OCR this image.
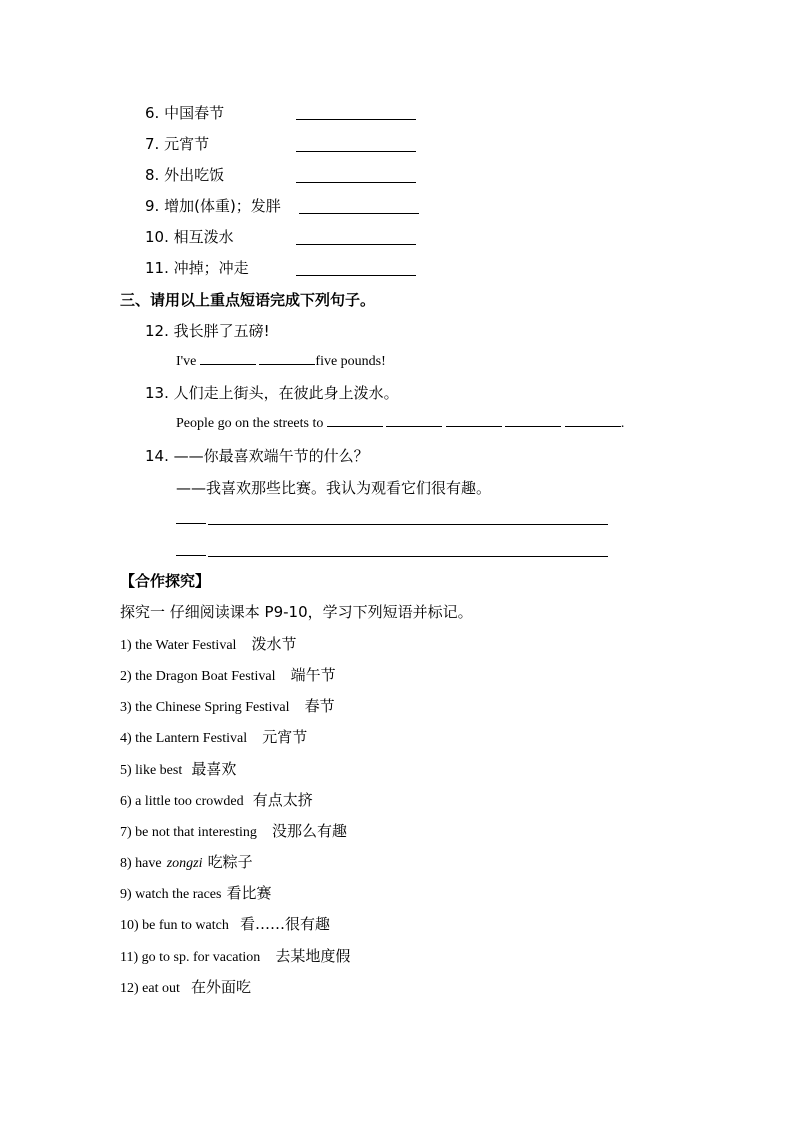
6. 中国春节
7. 元宵节
8. 外出吃饭
9. 增加(体重)；发胖
10. 相互泼水
11. 冲掉；冲走
三、请用以上重点短语完成下列句子。
12. 我长胖了五磅!
I've	five pounds!
13. 人们走上街头，在彼此身上泼水。
People go on the streets to	.
14. ——你最喜欢端午节的什么？
——我喜欢那些比赛。我认为观看它们很有趣。
【合作探究】
探究一 仔细阅读课本 P9-10，学习下列短语并标记。
1) the Water Festival 泼水节
2) the Dragon Boat Festival 端午节
3) the Chinese Spring Festival 春节
4) the Lantern Festival 元宵节
5) like best 最喜欢
6) a little too crowded 有点太挤
7) be not that interesting 没那么有趣
8) have zongzi 吃粽子
9) watch the races 看比赛
10) be fun to watch 看……很有趣
11) go to sp. for vacation 去某地度假
12) eat out 在外面吃
